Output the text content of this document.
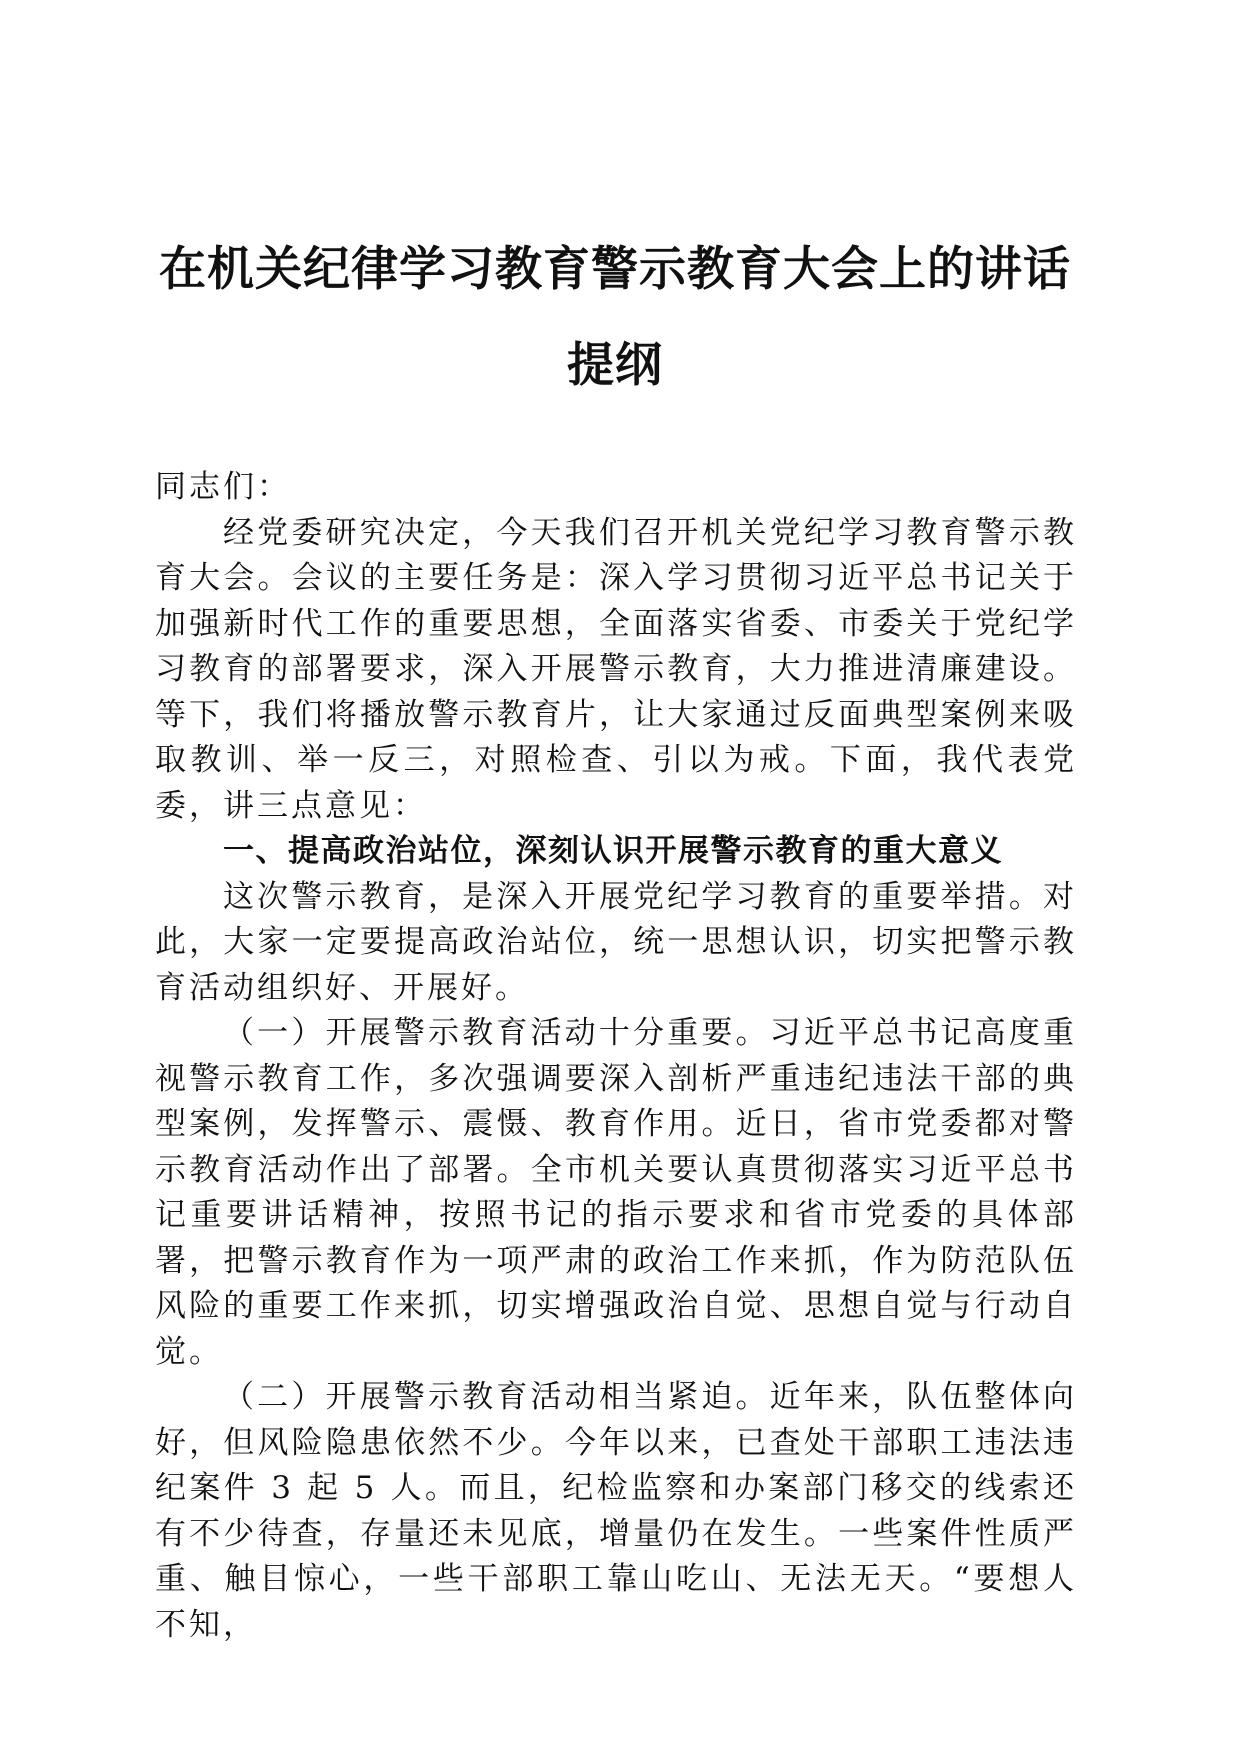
在机关纪律学习教育警示教育大会上的讲话提纲

同志们：

经党委研究决定，今天我们召开机关党纪学习教育警示教育大会。会议的主要任务是：深入学习贯彻习近平总书记关于加强新时代工作的重要思想，全面落实省委、市委关于党纪学习教育的部署要求，深入开展警示教育，大力推进清廉建设。等下，我们将播放警示教育片，让大家通过反面典型案例来吸取教训、举一反三，对照检查、引以为戒。下面，我代表党委，讲三点意见：

一、提高政治站位，深刻认识开展警示教育的重大意义

这次警示教育，是深入开展党纪学习教育的重要举措。对此，大家一定要提高政治站位，统一思想认识，切实把警示教育活动组织好、开展好。

（一）开展警示教育活动十分重要。习近平总书记高度重视警示教育工作，多次强调要深入剖析严重违纪违法干部的典型案例，发挥警示、震慑、教育作用。近日，省市党委都对警示教育活动作出了部署。全市机关要认真贯彻落实习近平总书记重要讲话精神，按照书记的指示要求和省市党委的具体部署，把警示教育作为一项严肃的政治工作来抓，作为防范队伍风险的重要工作来抓，切实增强政治自觉、思想自觉与行动自觉。

（二）开展警示教育活动相当紧迫。近年来，队伍整体向好，但风险隐患依然不少。今年以来，已查处干部职工违法违纪案件 3 起 5 人。而且，纪检监察和办案部门移交的线索还有不少待查，存量还未见底，增量仍在发生。一些案件性质严重、触目惊心，一些干部职工靠山吃山、无法无天。“要想人不知，
